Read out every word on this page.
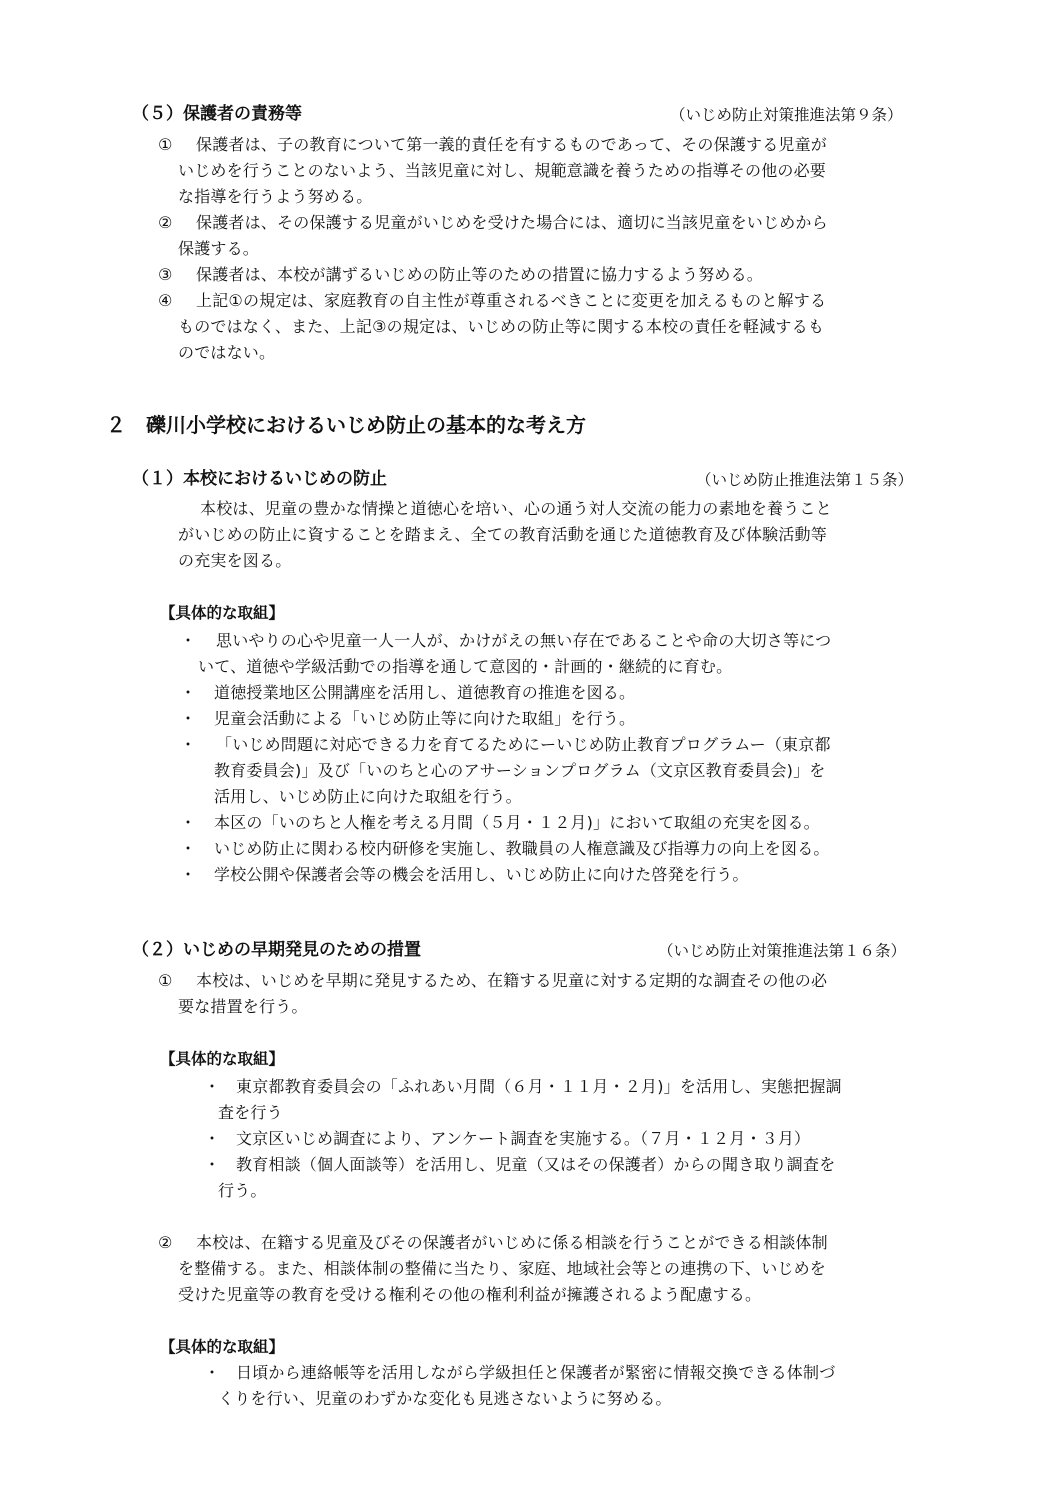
（５）保護者の責務等	（いじめ防止対策推進法第９条）
① 保護者は、子の教育について第一義的責任を有するものであって、その保護する児童が
いじめを行うことのないよう、当該児童に対し、規範意識を養うための指導その他の必要
な指導を行うよう努める。
② 保護者は、その保護する児童がいじめを受けた場合には、適切に当該児童をいじめから
保護する。
③ 保護者は、本校が講ずるいじめの防止等のための措置に協力するよう努める。
④ 上記①の規定は、家庭教育の自主性が尊重されるべきことに変更を加えるものと解する
ものではなく、また、上記③の規定は、いじめの防止等に関する本校の責任を軽減するも
のではない。
２　礫川小学校におけるいじめ防止の基本的な考え方
（１）本校におけるいじめの防止	（いじめ防止推進法第１５条）
本校は、児童の豊かな情操と道徳心を培い、心の通う対人交流の能力の素地を養うこと
がいじめの防止に資することを踏まえ、全ての教育活動を通じた道徳教育及び体験活動等
の充実を図る。
【具体的な取組】
・ 思いやりの心や児童一人一人が、かけがえの無い存在であることや命の大切さ等につ
いて、道徳や学級活動での指導を通して意図的・計画的・継続的に育む。
・ 道徳授業地区公開講座を活用し、道徳教育の推進を図る。
・ 児童会活動による「いじめ防止等に向けた取組」を行う。
・ 「いじめ問題に対応できる力を育てるためにーいじめ防止教育プログラムー（東京都
教育委員会)」及び「いのちと心のアサーションプログラム（文京区教育委員会)」を
活用し、いじめ防止に向けた取組を行う。
・ 本区の「いのちと人権を考える月間（５月・１２月)」において取組の充実を図る。
・ いじめ防止に関わる校内研修を実施し、教職員の人権意識及び指導力の向上を図る。
・ 学校公開や保護者会等の機会を活用し、いじめ防止に向けた啓発を行う。
（２）いじめの早期発見のための措置	（いじめ防止対策推進法第１６条）
① 本校は、いじめを早期に発見するため、在籍する児童に対する定期的な調査その他の必
要な措置を行う。
【具体的な取組】
・ 東京都教育委員会の「ふれあい月間（６月・１１月・２月)」を活用し、実態把握調
査を行う
・ 文京区いじめ調査により、アンケート調査を実施する。（７月・１２月・３月）
・ 教育相談（個人面談等）を活用し、児童（又はその保護者）からの聞き取り調査を
行う。
② 本校は、在籍する児童及びその保護者がいじめに係る相談を行うことができる相談体制
を整備する。また、相談体制の整備に当たり、家庭、地域社会等との連携の下、いじめを
受けた児童等の教育を受ける権利その他の権利利益が擁護されるよう配慮する。
【具体的な取組】
・ 日頃から連絡帳等を活用しながら学級担任と保護者が緊密に情報交換できる体制づ
くりを行い、児童のわずかな変化も見逃さないように努める。
